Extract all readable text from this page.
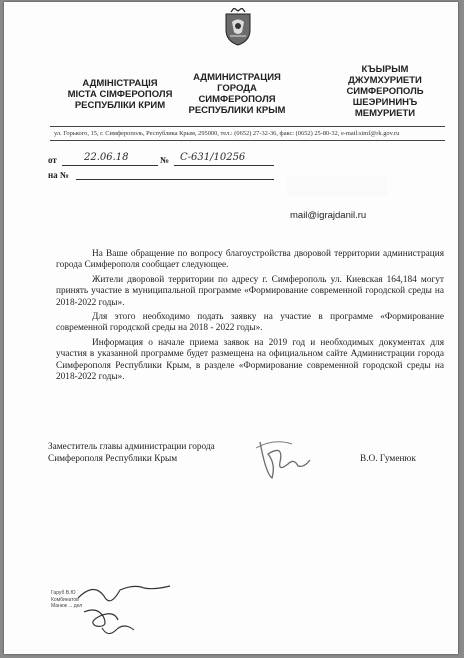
АДМІНІСТРАЦІЯ
МІСТА СІМФЕРОПОЛЯ
РЕСПУБЛІКИ КРИМ
АДМИНИСТРАЦИЯ
ГОРОДА
СИМФЕРОПОЛЯ
РЕСПУБЛИКИ КРЫМ
КЪЫРЫМ
ДЖУМХУРИЕТИ
СИМФЕРОПОЛЬ
ШЕЭРИНИНЪ
МЕМУРИЕТИ
ул. Горького, 15, г. Симферополь, Республика Крым, 295000, тел.: (0652) 27-32-36, факс: (0652) 25-80-32, e-mail:simf@rk.gov.ru
от	22.06.18	№ С-631/10256
на №
mail@igrajdanil.ru

На Ваше обращение по вопросу благоустройства дворовой территории администрация города Симферополя сообщает следующее.

Жители дворовой территории по адресу г. Симферополь ул. Киевская 164,184 могут принять участие в муниципальной программе «Формирование современной городской среды на 2018-2022 годы».

Для этого необходимо подать заявку на участие в программе «Формирование современной городской среды на 2018 - 2022 годы».

Информация о начале приема заявок на 2019 год и необходимых документах для участия в указанной программе будет размещена на официальном сайте Администрации города Симферополя Республики Крым, в разделе «Формирование современной городской среды на 2018-2022 годы».

Заместитель главы администрации города
Симферополя Республики Крым	В.О. Гуменюк
Гаруб В.Ю
Комбинатов
Манеж ... дел
